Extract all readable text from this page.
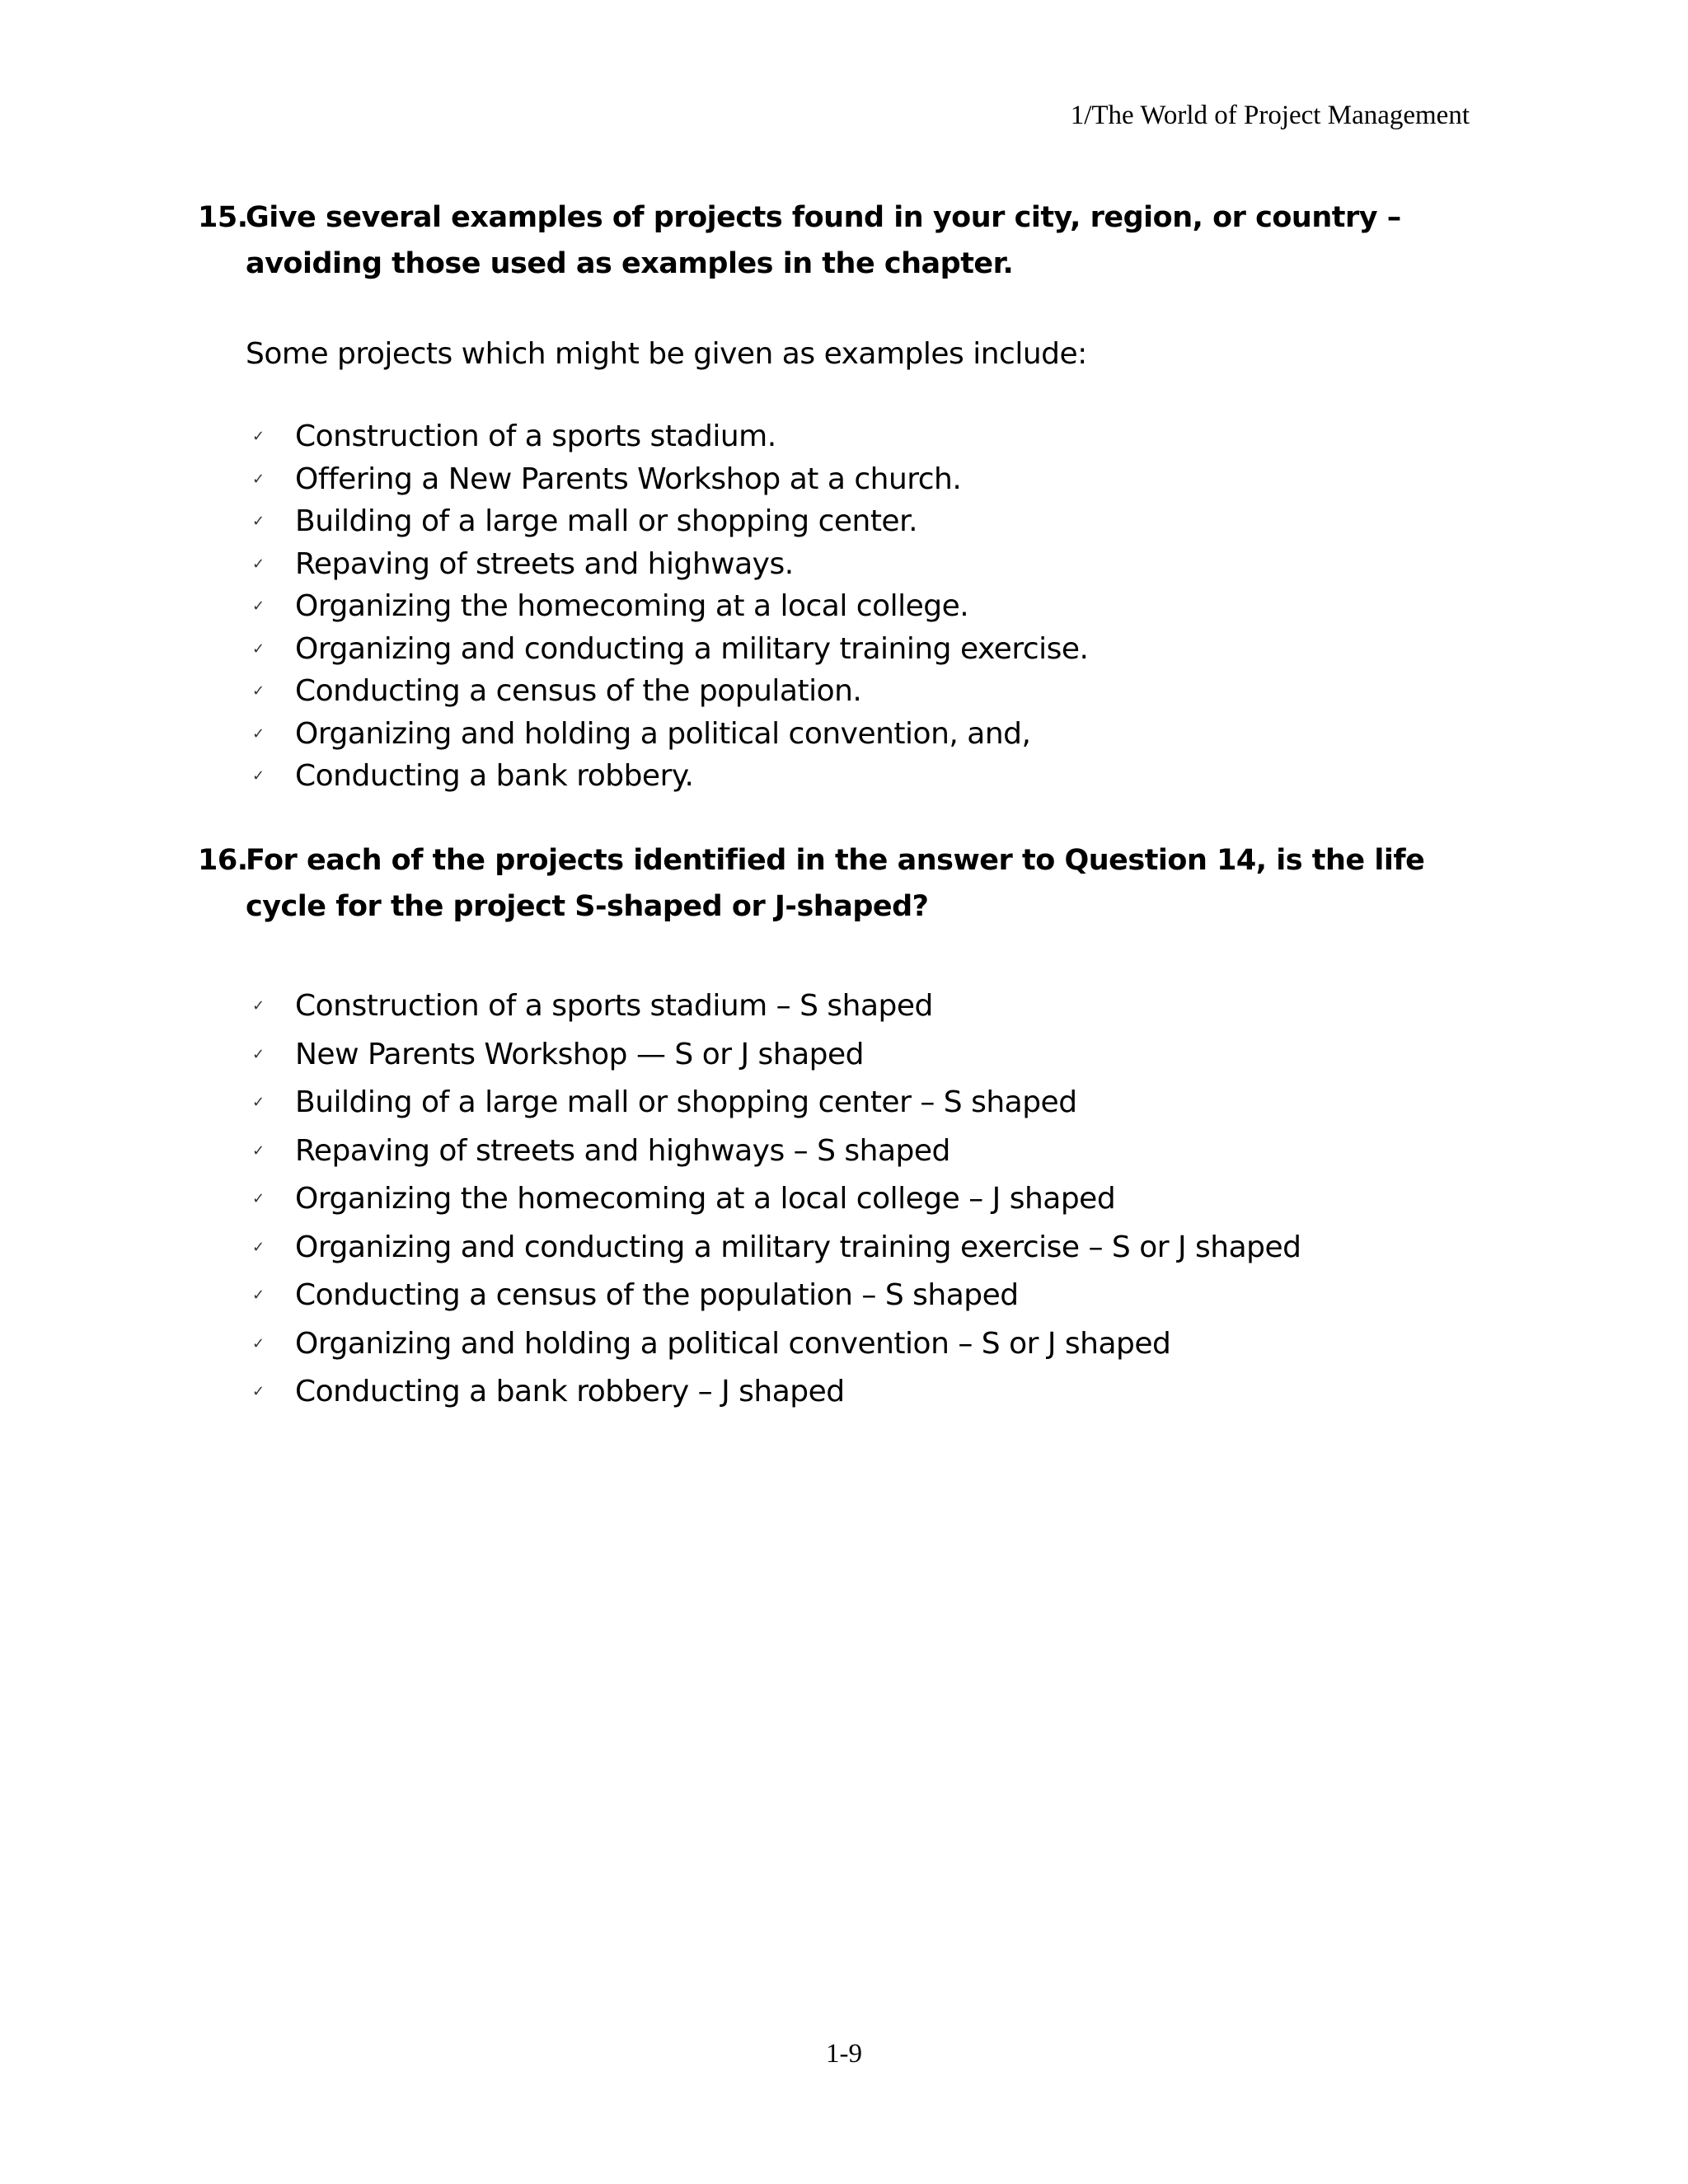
1/The World of Project Management
15.
Give several examples of projects found in your city, region, or country – avoiding those used as examples in the chapter.
Some projects which might be given as examples include:
✓ Construction of a sports stadium.
✓ Offering a New Parents Workshop at a church.
✓ Building of a large mall or shopping center.
✓ Repaving of streets and highways.
✓ Organizing the homecoming at a local college.
✓ Organizing and conducting a military training exercise.
✓ Conducting a census of the population.
✓ Organizing and holding a political convention, and,
✓ Conducting a bank robbery.
16.
For each of the projects identified in the answer to Question 14, is the life cycle for the project S-shaped or J-shaped?
✓ Construction of a sports stadium – S shaped
✓ New Parents Workshop — S or J shaped
✓ Building of a large mall or shopping center – S shaped
✓ Repaving of streets and highways – S shaped
✓ Organizing the homecoming at a local college – J shaped
✓ Organizing and conducting a military training exercise – S or J shaped
✓ Conducting a census of the population – S shaped
✓ Organizing and holding a political convention – S or J shaped
✓ Conducting a bank robbery – J shaped
1-9
